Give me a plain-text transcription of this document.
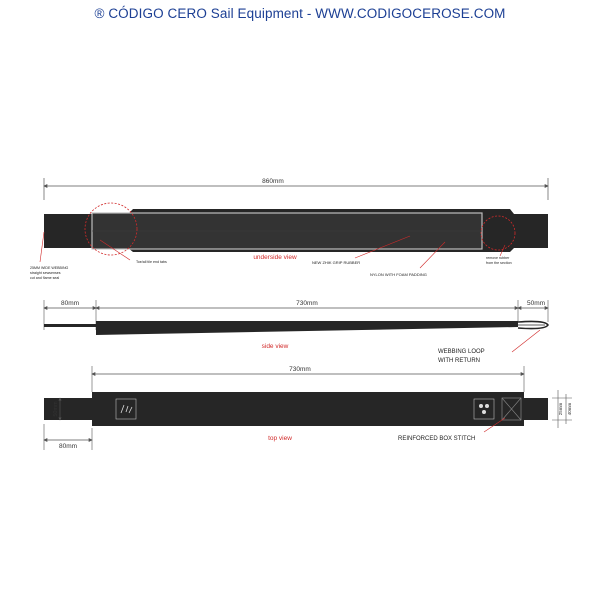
® CÓDIGO CERO Sail Equipment - WWW.CODIGOCEROSE.COM
860mm
underside view
25MM WIDE WEBBING
straight sewsenses
cut and flame seal
Toe/all tile end tabs	NEW ZHIK GRIP RUBBER
NYLON WITH FOAM PADDING
remove rubber
from the section
80mm	730mm	50mm
side view
WEBBING LOOP
WITH RETURN
730mm
50mm	25mm 40mm
80mm
top view	REINFORCED BOX STITCH
